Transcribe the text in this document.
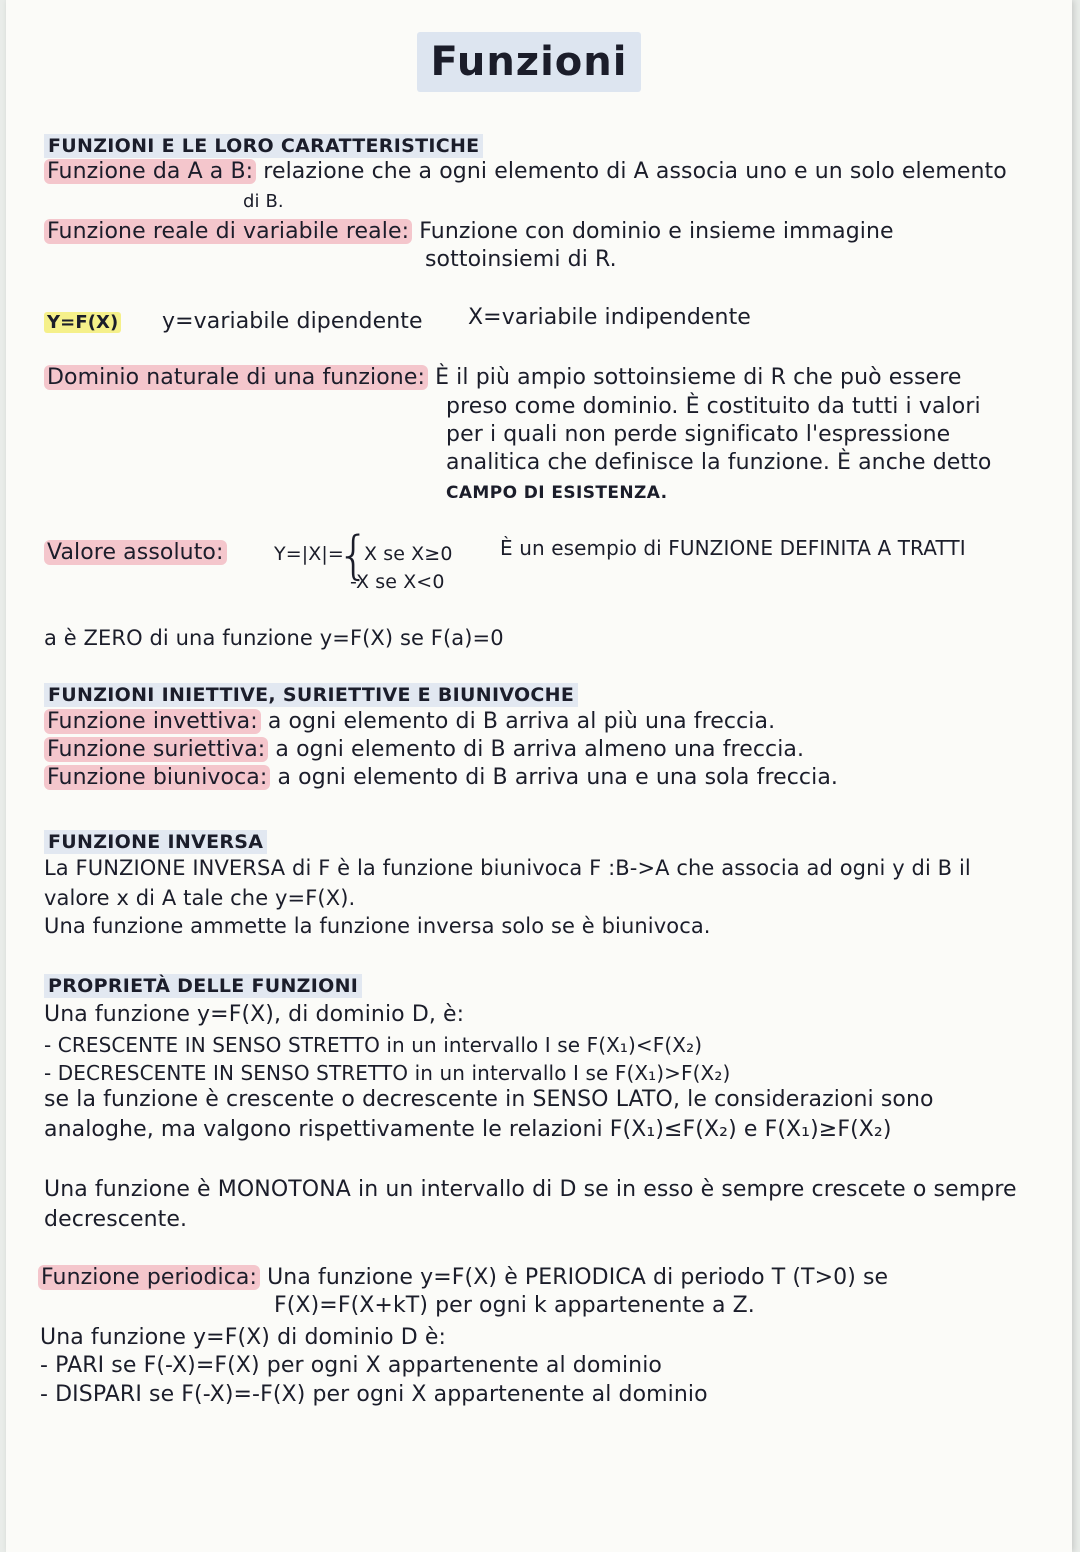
Funzioni
FUNZIONI E LE LORO CARATTERISTICHE
Funzione da A a B: relazione che a ogni elemento di A associa uno e un solo elemento
di B.
Funzione reale di variabile reale: Funzione con dominio e insieme immagine
sottoinsiemi di R.
Y=F(X) y=variabile dipendente X=variabile indipendente
Dominio naturale di una funzione: È il più ampio sottoinsieme di R che può essere
preso come dominio. È costituito da tutti i valori
per i quali non perde significato l'espressione
analitica che definisce la funzione. È anche detto
CAMPO DI ESISTENZA.
Valore assoluto:	Y=|X|=
{
X se X≥0
-X se X<0
È un esempio di FUNZIONE DEFINITA A TRATTI
a è ZERO di una funzione y=F(X) se F(a)=0
FUNZIONI INIETTIVE, SURIETTIVE E BIUNIVOCHE
Funzione invettiva: a ogni elemento di B arriva al più una freccia.
Funzione suriettiva: a ogni elemento di B arriva almeno una freccia.
Funzione biunivoca: a ogni elemento di B arriva una e una sola freccia.
FUNZIONE INVERSA
La FUNZIONE INVERSA di F è la funzione biunivoca F :B->A che associa ad ogni y di B il
valore x di A tale che y=F(X).
Una funzione ammette la funzione inversa solo se è biunivoca.
PROPRIETÀ DELLE FUNZIONI
Una funzione y=F(X), di dominio D, è:
- CRESCENTE IN SENSO STRETTO in un intervallo I se F(X₁)<F(X₂)
- DECRESCENTE IN SENSO STRETTO in un intervallo I se F(X₁)>F(X₂)
se la funzione è crescente o decrescente in SENSO LATO, le considerazioni sono
analoghe, ma valgono rispettivamente le relazioni F(X₁)≤F(X₂) e F(X₁)≥F(X₂)
Una funzione è MONOTONA in un intervallo di D se in esso è sempre crescete o sempre
decrescente.
Funzione periodica: Una funzione y=F(X) è PERIODICA di periodo T (T>0) se
F(X)=F(X+kT) per ogni k appartenente a Z.
Una funzione y=F(X) di dominio D è:
- PARI se F(-X)=F(X) per ogni X appartenente al dominio
- DISPARI se F(-X)=-F(X) per ogni X appartenente al dominio
